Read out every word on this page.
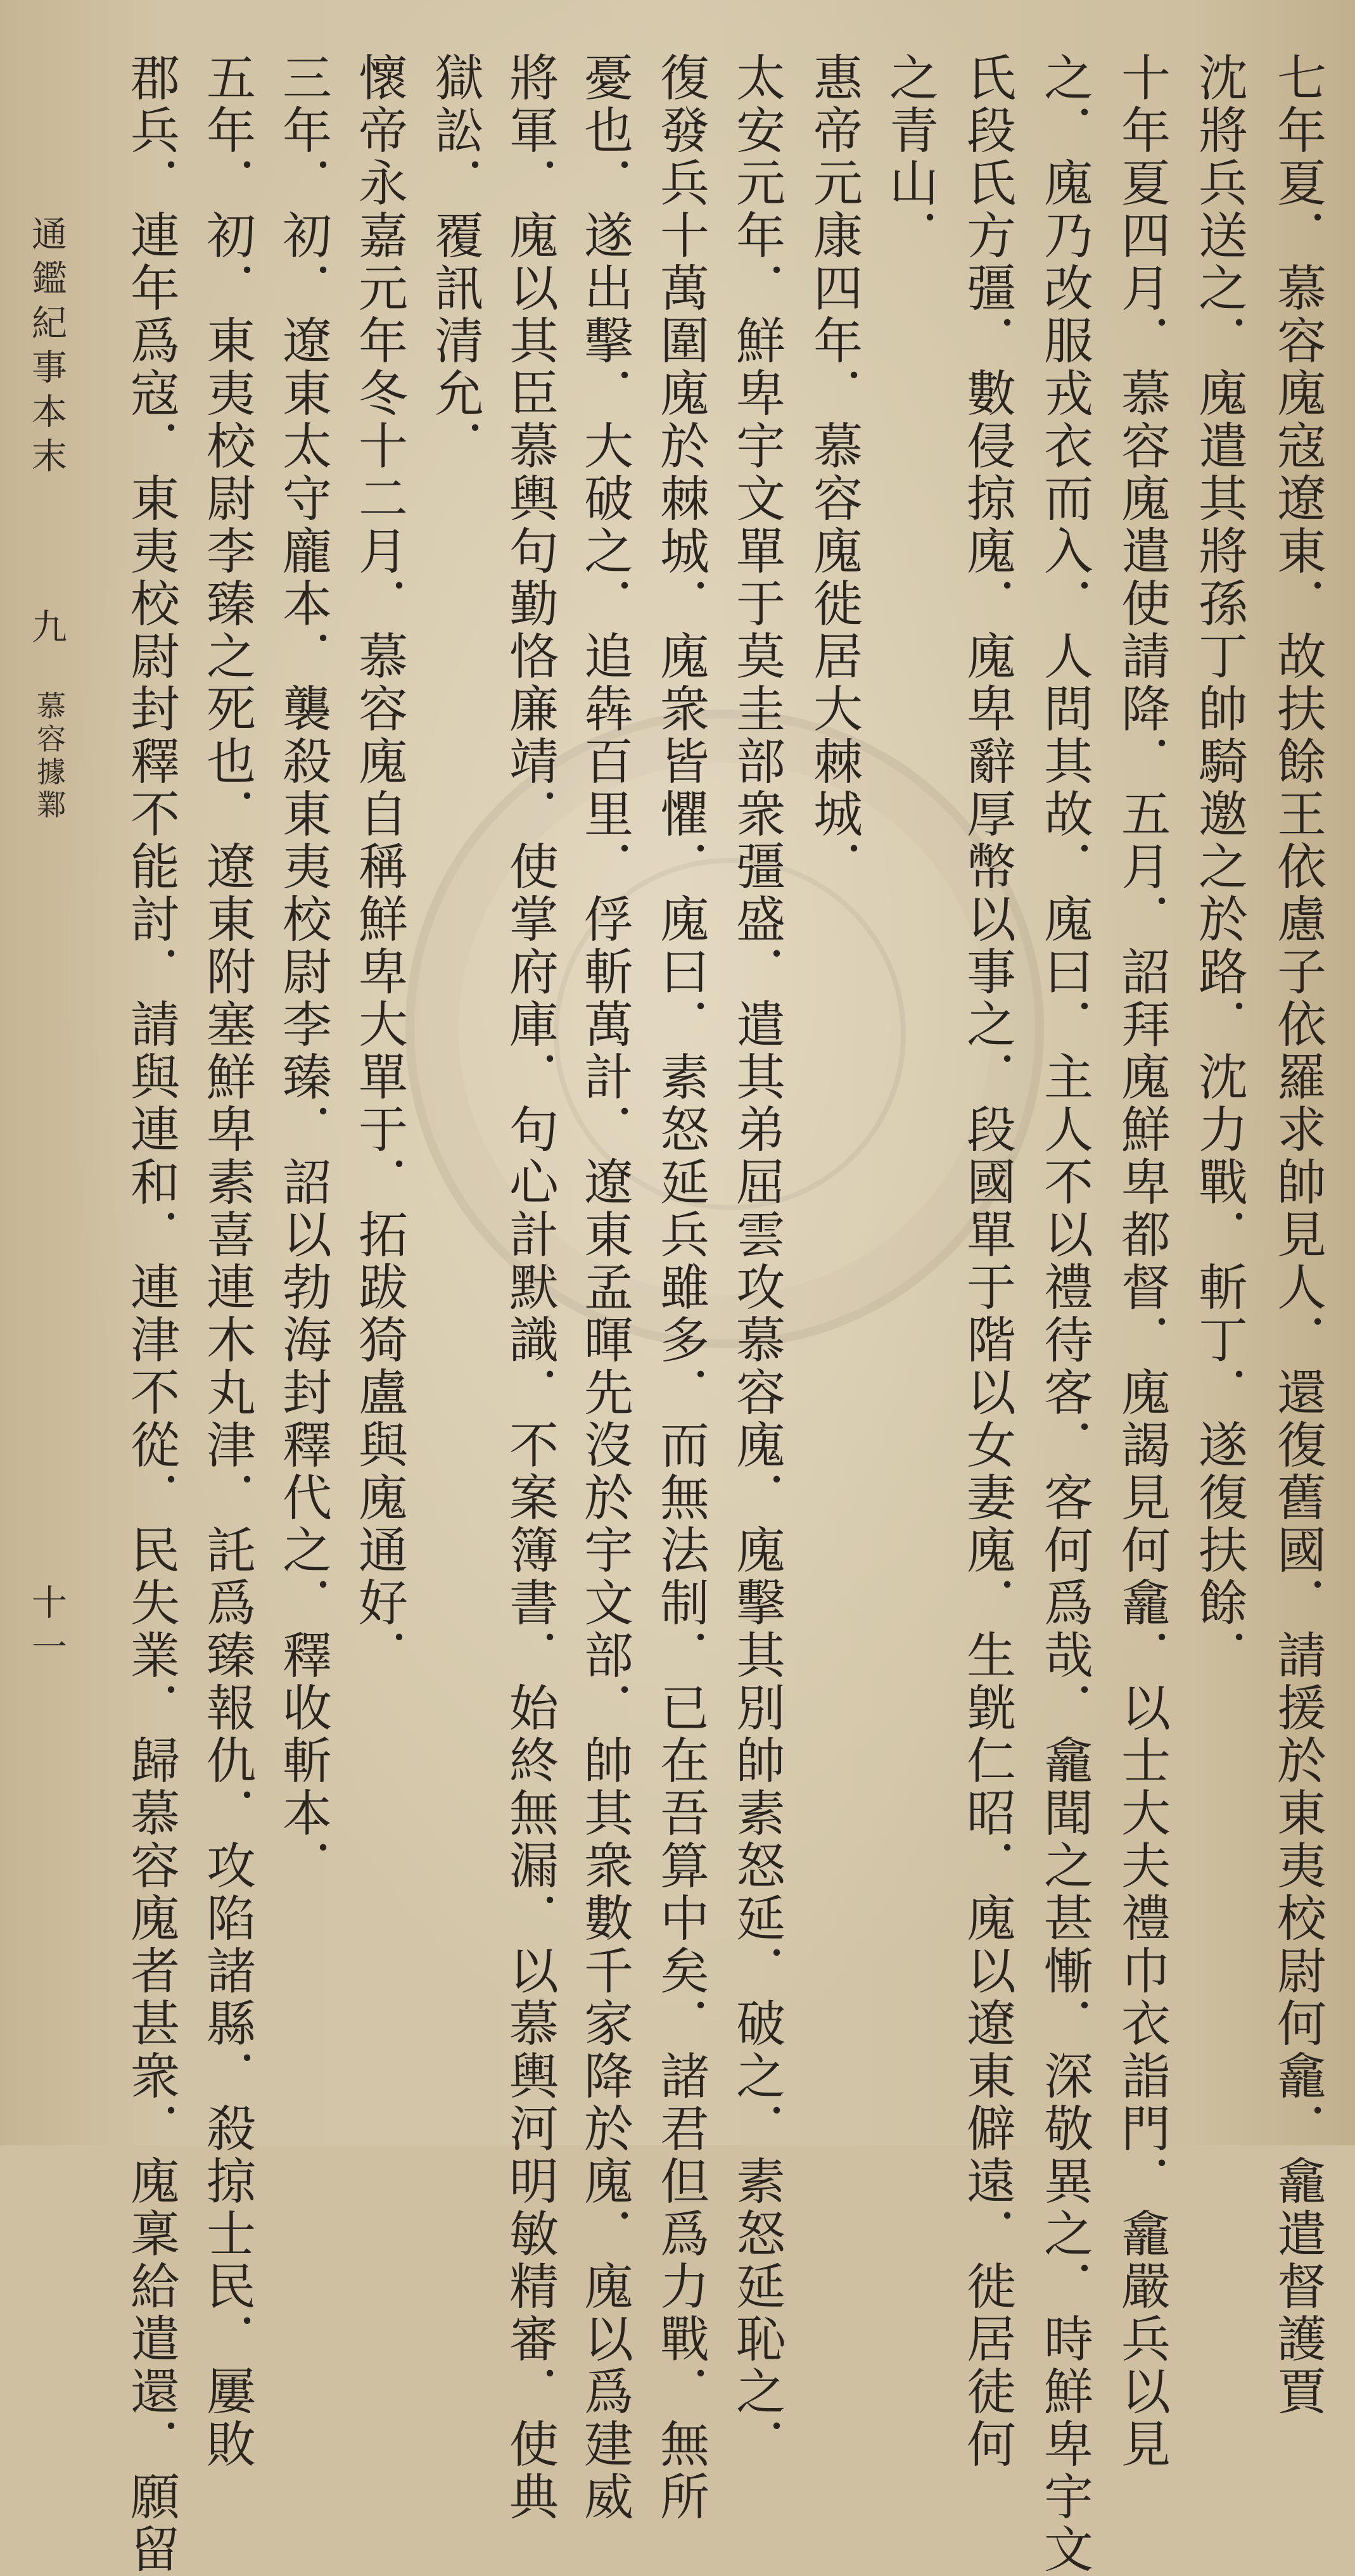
七年夏．慕容廆寇遼東．故扶餘王依慮子依羅求帥見人．還復舊國．請援於東夷校尉何龕．龕遣督護賈
沈將兵送之．廆遣其將孫丁帥騎邀之於路．沈力戰．斬丁．遂復扶餘．
十年夏四月．慕容廆遣使請降．五月．詔拜廆鮮卑都督．廆謁見何龕．以士大夫禮巾衣詣門．龕嚴兵以見
之．廆乃改服戎衣而入．人問其故．廆曰．主人不以禮待客．客何爲哉．龕聞之甚慚．深敬異之．時鮮卑宇文
氏段氏方彊．數侵掠廆．廆卑辭厚幣以事之．段國單于階以女妻廆．生皝仁昭．廆以遼東僻遠．徙居徒何
之青山．
惠帝元康四年．慕容廆徙居大棘城．
太安元年．鮮卑宇文單于莫圭部衆彊盛．遣其弟屈雲攻慕容廆．廆擊其別帥素怒延．破之．素怒延恥之．
復發兵十萬圍廆於棘城．廆衆皆懼．廆曰．素怒延兵雖多．而無法制．已在吾算中矣．諸君但爲力戰．無所
憂也．遂出擊．大破之．追犇百里．俘斬萬計．遼東孟暉先沒於宇文部．帥其衆數千家降於廆．廆以爲建威
將軍．廆以其臣慕輿句勤恪廉靖．使掌府庫．句心計默識．不案簿書．始終無漏．以慕輿河明敏精審．使典
獄訟．覆訊清允．
懷帝永嘉元年冬十二月．慕容廆自稱鮮卑大單于．拓跋猗盧與廆通好．
三年．初．遼東太守龐本．襲殺東夷校尉李臻．詔以勃海封釋代之．釋收斬本．
五年．初．東夷校尉李臻之死也．遼東附塞鮮卑素喜連木丸津．託爲臻報仇．攻陷諸縣．殺掠士民．屢敗
郡兵．連年爲寇．東夷校尉封釋不能討．請與連和．連津不從．民失業．歸慕容廆者甚衆．廆稟給遣還．願留
通鑑紀事本末
九
慕容據鄴
十一
